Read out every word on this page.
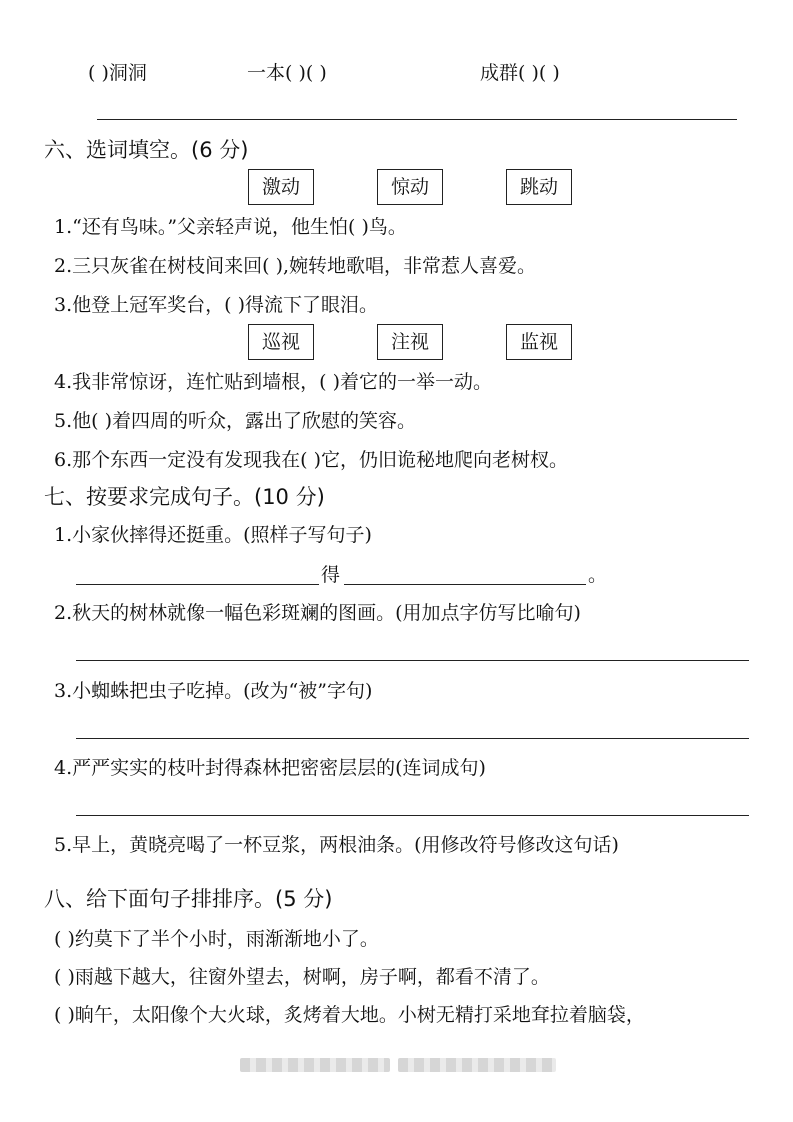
( )洞洞	一本( )( )	成群( )( )
六、选词填空。(6 分)
激动	惊动	跳动
1.“还有鸟味。”父亲轻声说，他生怕( )鸟。
2.三只灰雀在树枝间来回( ),婉转地歌唱，非常惹人喜爱。
3.他登上冠军奖台，( )得流下了眼泪。
巡视	注视	监视
4.我非常惊讶，连忙贴到墙根，( )着它的一举一动。
5.他( )着四周的听众，露出了欣慰的笑容。
6.那个东西一定没有发现我在( )它，仍旧诡秘地爬向老树杈。
七、按要求完成句子。(10 分)
1.小家伙摔得还挺重。(照样子写句子)
得	。
2.秋天的树林就像一幅色彩斑斓的图画。(用加点字仿写比喻句)
3.小蜘蛛把虫子吃掉。(改为“被”字句)
4.严严实实的枝叶封得森林把密密层层的(连词成句)
5.早上，黄晓亮喝了一杯豆浆，两根油条。(用修改符号修改这句话)
八、给下面句子排排序。(5 分)
( )约莫下了半个小时，雨渐渐地小了。
( )雨越下越大，往窗外望去，树啊，房子啊，都看不清了。
( )晌午，太阳像个大火球，炙烤着大地。小树无精打采地耷拉着脑袋，
